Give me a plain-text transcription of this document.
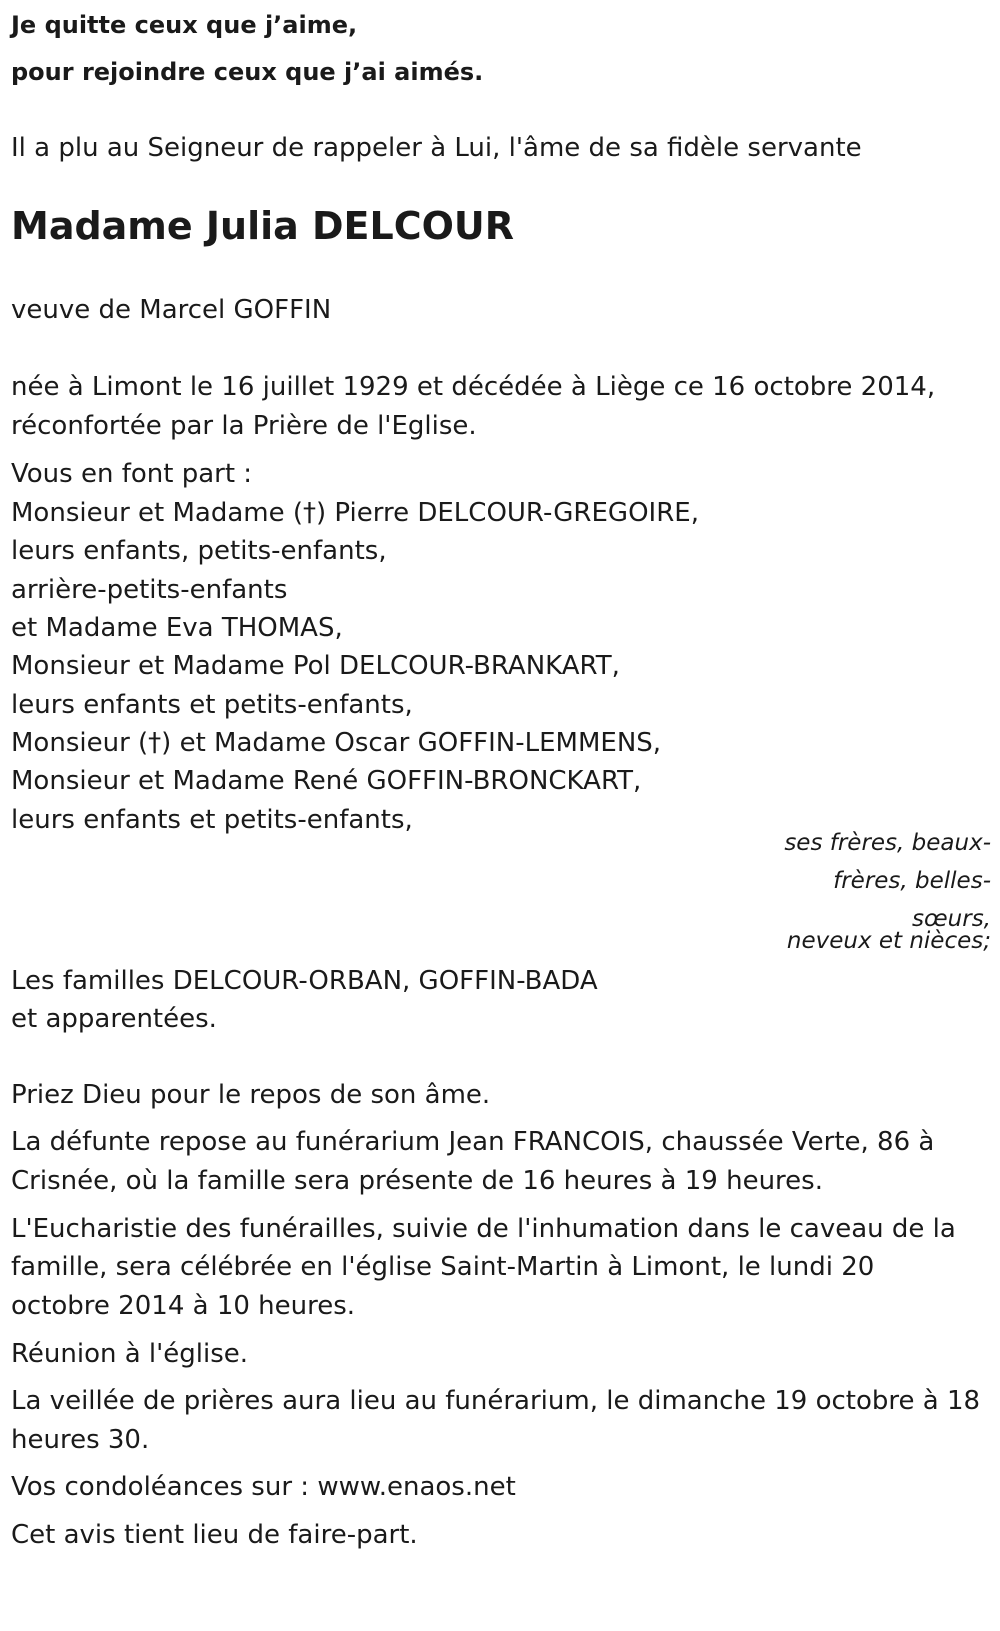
Je quitte ceux que j’aime,
pour rejoindre ceux que j’ai aimés.
Il a plu au Seigneur de rappeler à Lui, l'âme de sa fidèle servante
Madame Julia DELCOUR
veuve de Marcel GOFFIN
née à Limont le 16 juillet 1929 et décédée à Liège ce 16 octobre 2014,
réconfortée par la Prière de l'Eglise.
Vous en font part :
Monsieur et Madame (†) Pierre DELCOUR-GREGOIRE,
leurs enfants, petits-enfants,
arrière-petits-enfants
et Madame Eva THOMAS,
Monsieur et Madame Pol DELCOUR-BRANKART,
leurs enfants et petits-enfants,
Monsieur (†) et Madame Oscar GOFFIN-LEMMENS,
Monsieur et Madame René GOFFIN-BRONCKART,
leurs enfants et petits-enfants,
ses frères, beaux-
frères, belles-
sœurs,
neveux et nièces;
Les familles DELCOUR-ORBAN, GOFFIN-BADA
et apparentées.
Priez Dieu pour le repos de son âme.
La défunte repose au funérarium Jean FRANCOIS, chaussée Verte, 86 à
Crisnée, où la famille sera présente de 16 heures à 19 heures.
L'Eucharistie des funérailles, suivie de l'inhumation dans le caveau de la
famille, sera célébrée en l'église Saint-Martin à Limont, le lundi 20
octobre 2014 à 10 heures.
Réunion à l'église.
La veillée de prières aura lieu au funérarium, le dimanche 19 octobre à 18
heures 30.
Vos condoléances sur : www.enaos.net
Cet avis tient lieu de faire-part.
